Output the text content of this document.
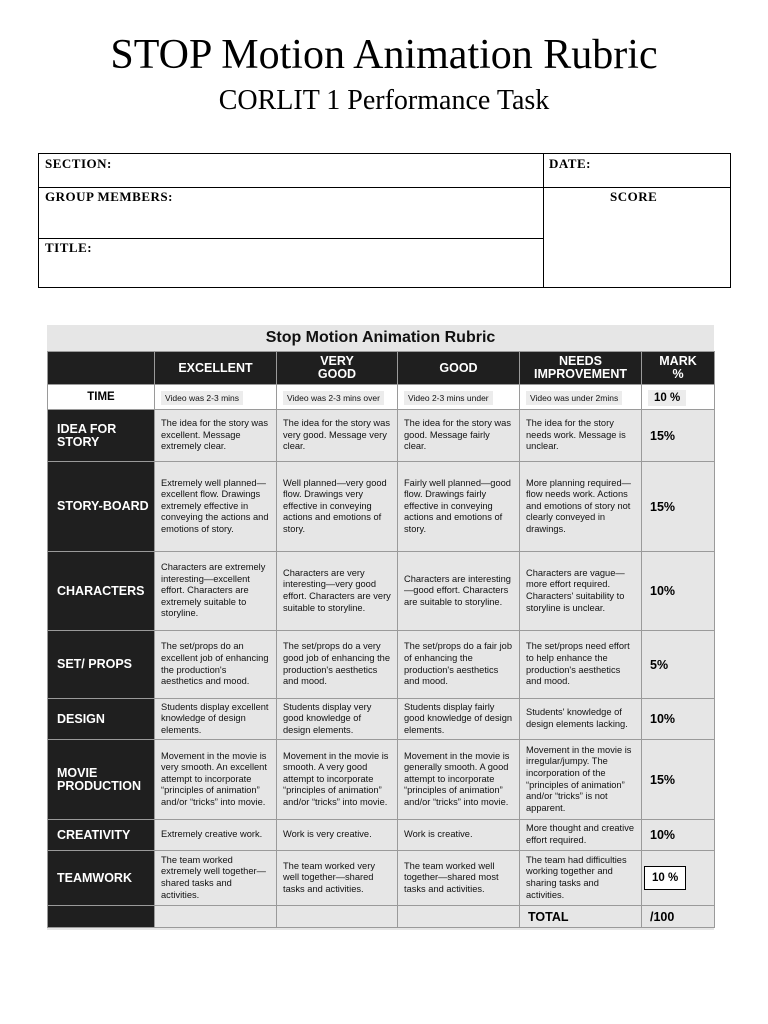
STOP Motion Animation Rubric
CORLIT 1 Performance Task
SECTION:	DATE:
GROUP MEMBERS:	SCORE
TITLE:
Stop Motion Animation Rubric
	EXCELLENT	VERY GOOD	GOOD	NEEDS IMPROVEMENT	MARK %
TIME	Video was 2-3 mins	Video was 2-3 mins over	Video 2-3 mins under	Video was under 2mins	10 %
IDEA FOR STORY	The idea for the story was excellent. Message extremely clear.	The idea for the story was very good. Message very clear.	The idea for the story was good. Message fairly clear.	The idea for the story needs work. Message is unclear.	15%
STORY-BOARD	Extremely well planned—excellent flow. Drawings extremely effective in conveying the actions and emotions of story.	Well planned—very good flow. Drawings very effective in conveying actions and emotions of story.	Fairly well planned—good flow. Drawings fairly effective in conveying actions and emotions of story.	More planning required—flow needs work. Actions and emotions of story not clearly conveyed in drawings.	15%
CHARACTERS	Characters are extremely interesting—excellent effort. Characters are extremely suitable to storyline.	Characters are very interesting—very good effort. Characters are very suitable to storyline.	Characters are interesting—good effort. Characters are suitable to storyline.	Characters are vague—more effort required. Characters' suitability to storyline is unclear.	10%
SET/ PROPS	The set/props do an excellent job of enhancing the production's aesthetics and mood.	The set/props do a very good job of enhancing the production's aesthetics and mood.	The set/props do a fair job of enhancing the production's aesthetics and mood.	The set/props need effort to help enhance the production's aesthetics and mood.	5%
DESIGN	Students display excellent knowledge of design elements.	Students display very good knowledge of design elements.	Students display fairly good knowledge of design elements.	Students' knowledge of design elements lacking.	10%
MOVIE PRODUCTION	Movement in the movie is very smooth. An excellent attempt to incorporate “principles of animation” and/or “tricks” into movie.	Movement in the movie is smooth. A very good attempt to incorporate “principles of animation” and/or “tricks” into movie.	Movement in the movie is generally smooth. A good attempt to incorporate “principles of animation” and/or “tricks” into movie.	Movement in the movie is irregular/jumpy. The incorporation of the “principles of animation” and/or “tricks” is not apparent.	15%
CREATIVITY	Extremely creative work.	Work is very creative.	Work is creative.	More thought and creative effort required.	10%
TEAMWORK	The team worked extremely well together—shared tasks and activities.	The team worked very well together—shared tasks and activities.	The team worked well together—shared most tasks and activities.	The team had difficulties working together and sharing tasks and activities.	10 %
				TOTAL	/100
